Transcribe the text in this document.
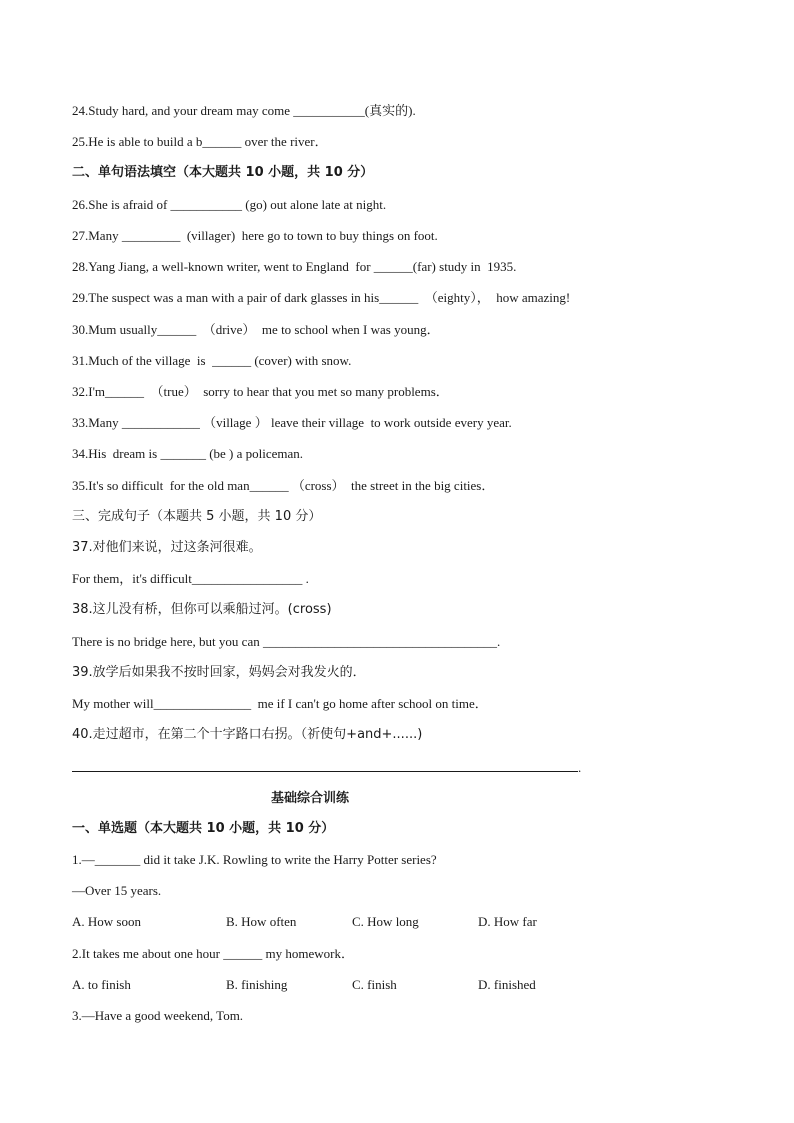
24.Study hard, and your dream may come ___________(真实的).
25.He is able to build a b______ over the river．
二、单句语法填空（本大题共 10 小题，共 10 分）
26.She is afraid of ___________ (go) out alone late at night.
27.Many _________  (villager)  here go to town to buy things on foot.
28.Yang Jiang, a well-known writer, went to England  for ______(far) study in  1935.
29.The suspect was a man with a pair of dark glasses in his______  （eighty），  how amazing!
30.Mum usually______  （drive）  me to school when I was young．
31.Much of the village  is  ______ (cover) with snow.
32.I'm______  （true）  sorry to hear that you met so many problems．
33.Many ____________ （village ） leave their village  to work outside every year.
34.His  dream is _______ (be ) a policeman.
35.It's so difficult  for the old man______ （cross）  the street in the big cities．
三、完成句子（本题共 5 小题，共 10 分）
37.对他们来说，过这条河很难。
For them，it's difficult_________________ .
38.这儿没有桥，但你可以乘船过河。(cross)
There is no bridge here, but you can ____________________________________.
39.放学后如果我不按时回家，妈妈会对我发火的．
My mother will_______________  me if I can't go home after school on time．
40.走过超市，在第二个十字路口右拐。（祈使句+and+......)
.
基础综合训练
一、单选题（本大题共 10 小题，共 10 分）
1.—_______ did it take J.K. Rowling to write the Harry Potter series?
—Over 15 years.
A. How soon	B. How often	C. How long	D. How far
2.It takes me about one hour ______ my homework．
A. to finish	B. finishing	C. finish	D. finished
3.—Have a good weekend, Tom.
